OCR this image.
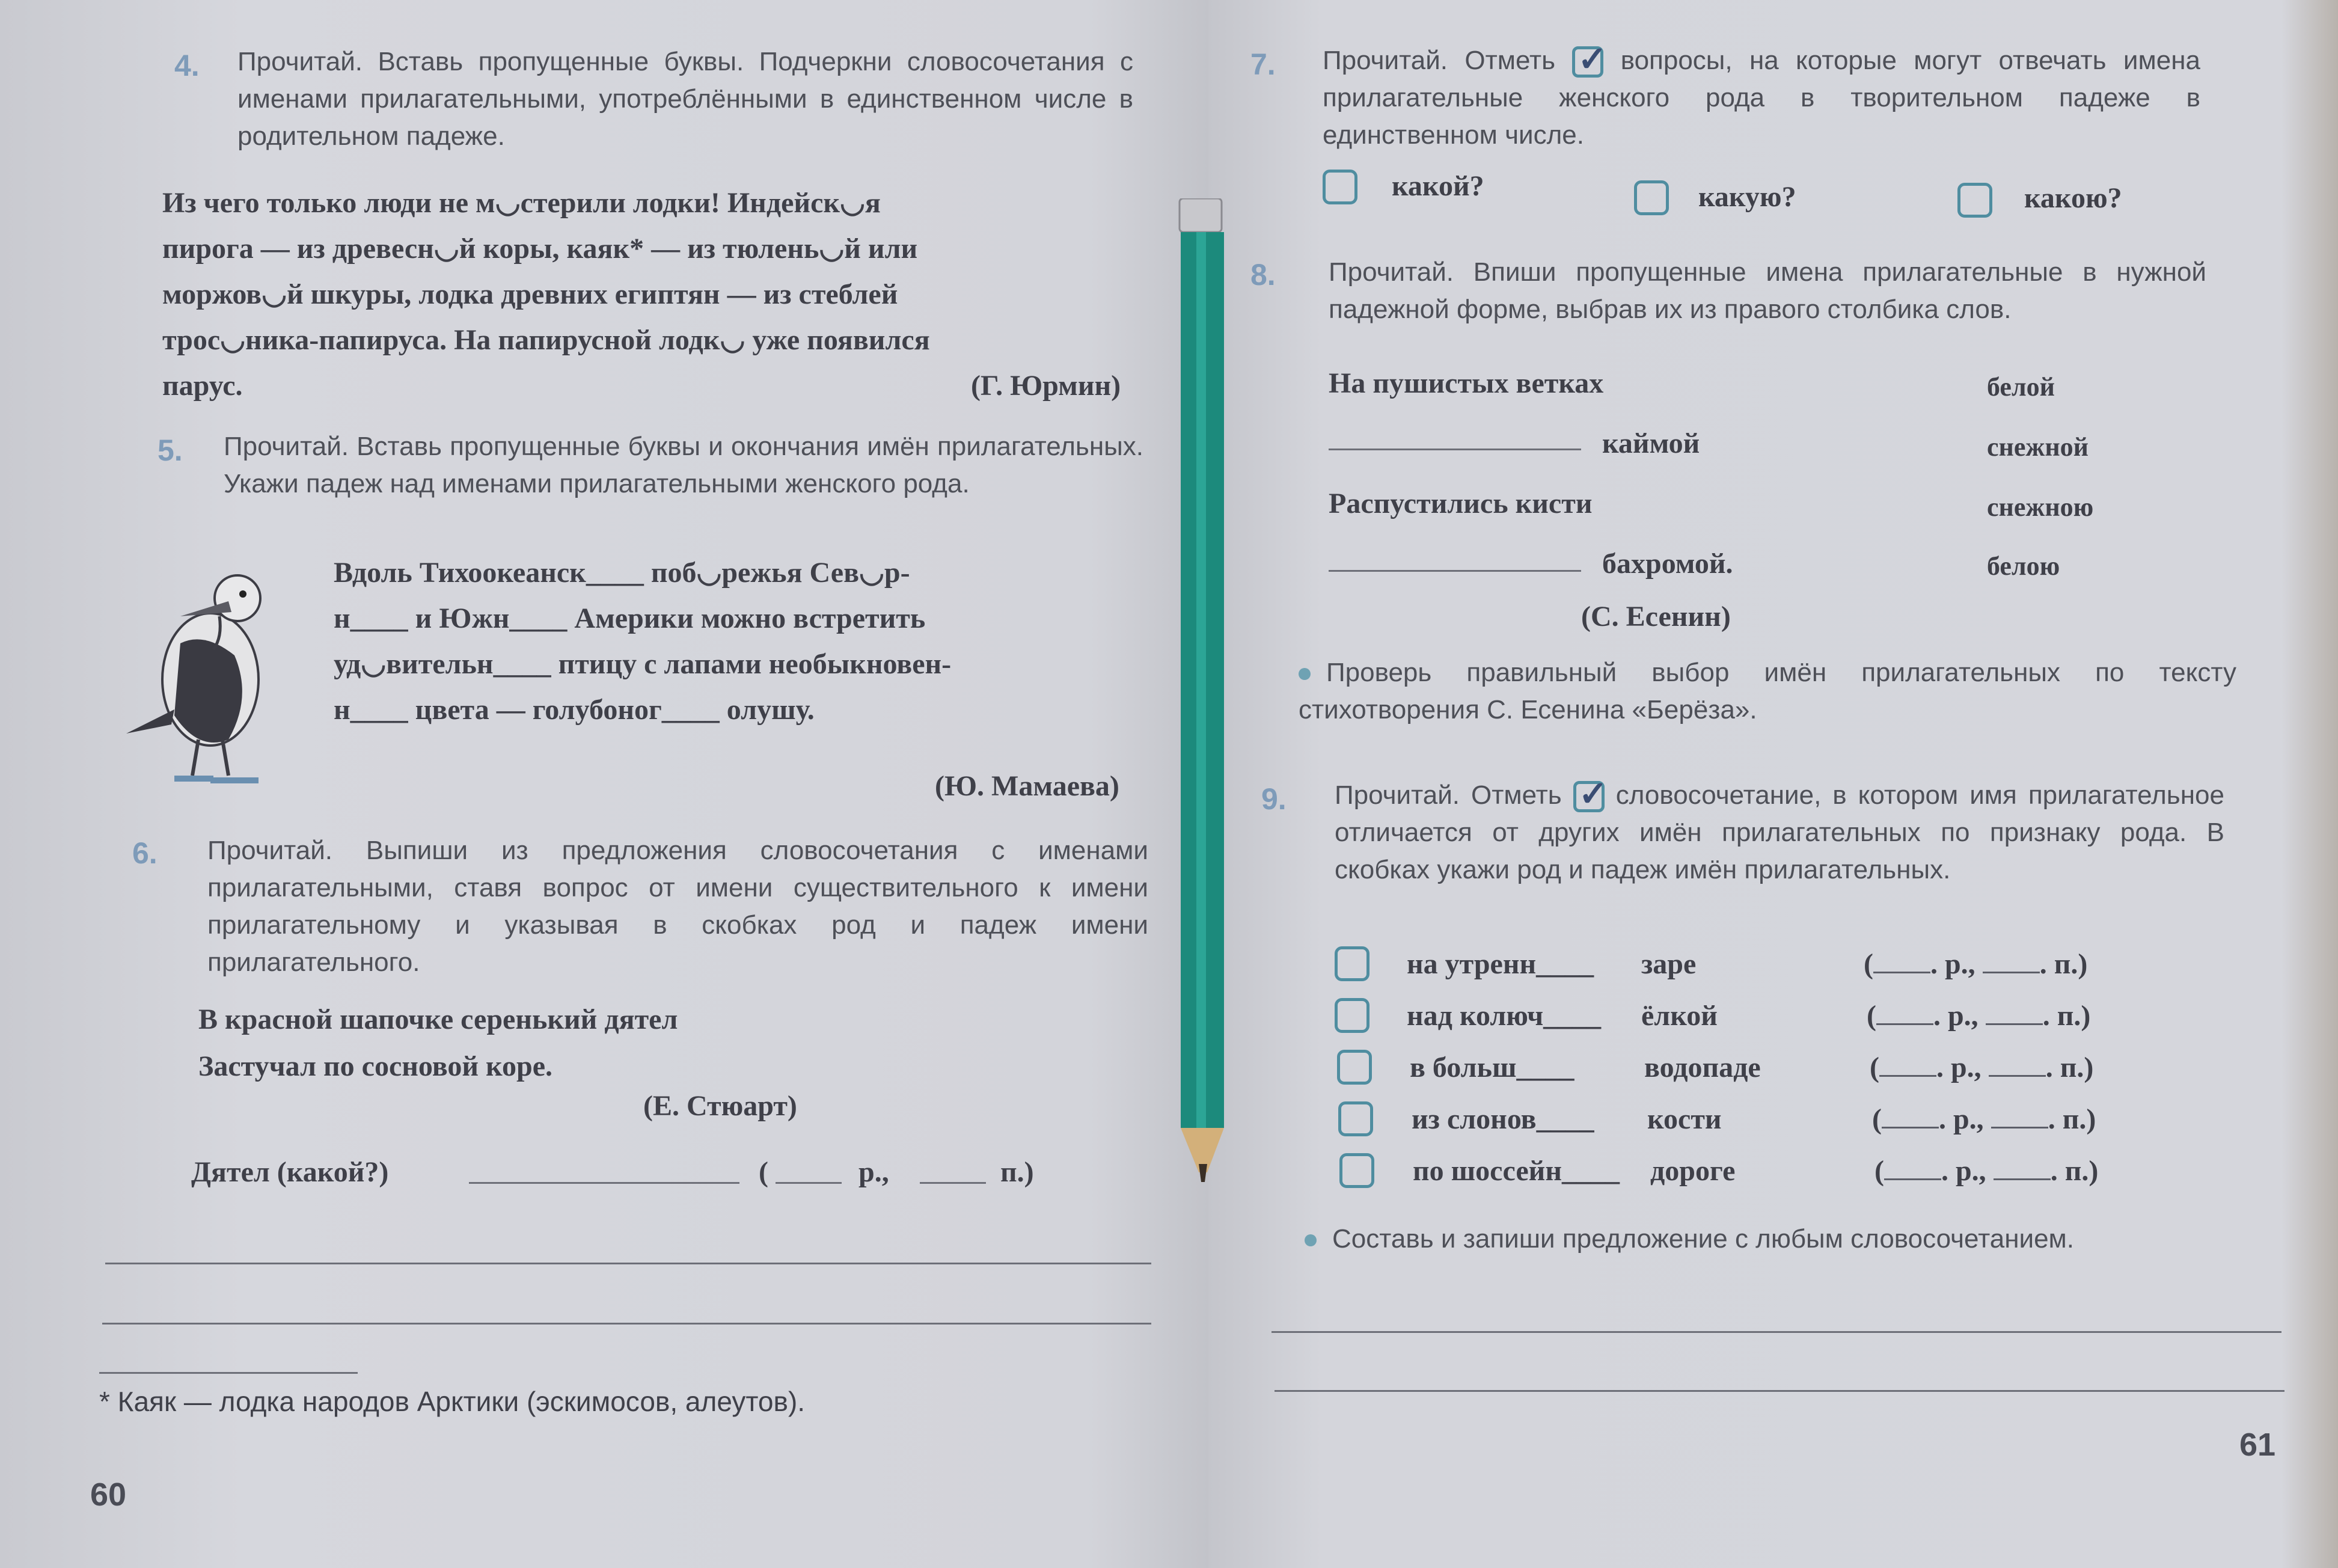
4. Прочитай. Вставь пропущенные буквы. Подчеркни словосочетания с именами прилагательными, употреблёнными в единственном числе в родительном падеже.
Из чего только люди не м◡стерили лодки! Индейск◡я
пирога — из древесн◡й коры, каяк* — из тюлень◡й или
моржов◡й шкуры, лодка древних египтян — из стеблей
трос◡ника-папируса. На папирусной лодк◡ уже появился
парус.	(Г. Юрмин)
5. Прочитай. Вставь пропущенные буквы и окончания имён прилагательных. Укажи падеж над именами прилагательными женского рода.
Вдоль Тихоокеанск____ поб◡режья Сев◡р-
н____ и Южн____ Америки можно встретить
уд◡вительн____ птицу с лапами необыкновен-
н____ цвета — голубоног____ олушу.
(Ю. Мамаева)
6. Прочитай. Выпиши из предложения словосочетания с именами прилагательными, ставя вопрос от имени существительного к имени прилагательному и указывая в скобках род и падеж имени прилагательного.
В красной шапочке серенький дятел
Застучал по сосновой коре.
(Е. Стюарт)
Дятел (какой?)	(	р.,	п.)
* Каяк — лодка народов Арктики (эскимосов, алеутов).
60
7. Прочитай. Отметь ✓ вопросы, на которые могут отвечать имена прилагательные женского рода в творительном падеже в единственном числе.
какой?	какую?	какою?
8. Прочитай. Впиши пропущенные имена прилагательные в нужной падежной форме, выбрав их из правого столбика слов.
На пушистых ветках
каймой
Распустились кисти
бахромой.
белой
снежной
снежною
белою
(С. Есенин)
Проверь правильный выбор имён прилагательных по тексту стихотворения С. Есенина «Берёза».
9. Прочитай. Отметь ✓ словосочетание, в котором имя прилагательное отличается от других имён прилагательных по признаку рода. В скобках укажи род и падеж имён прилагательных.
на утренн____ заре	( . р., . п.)
над колюч____ ёлкой	( . р., . п.)
в больш____ водопаде	( . р., . п.)
из слонов____ кости	( . р., . п.)
по шоссейн____ дороге	( . р., . п.)
Составь и запиши предложение с любым словосочетанием.
61
